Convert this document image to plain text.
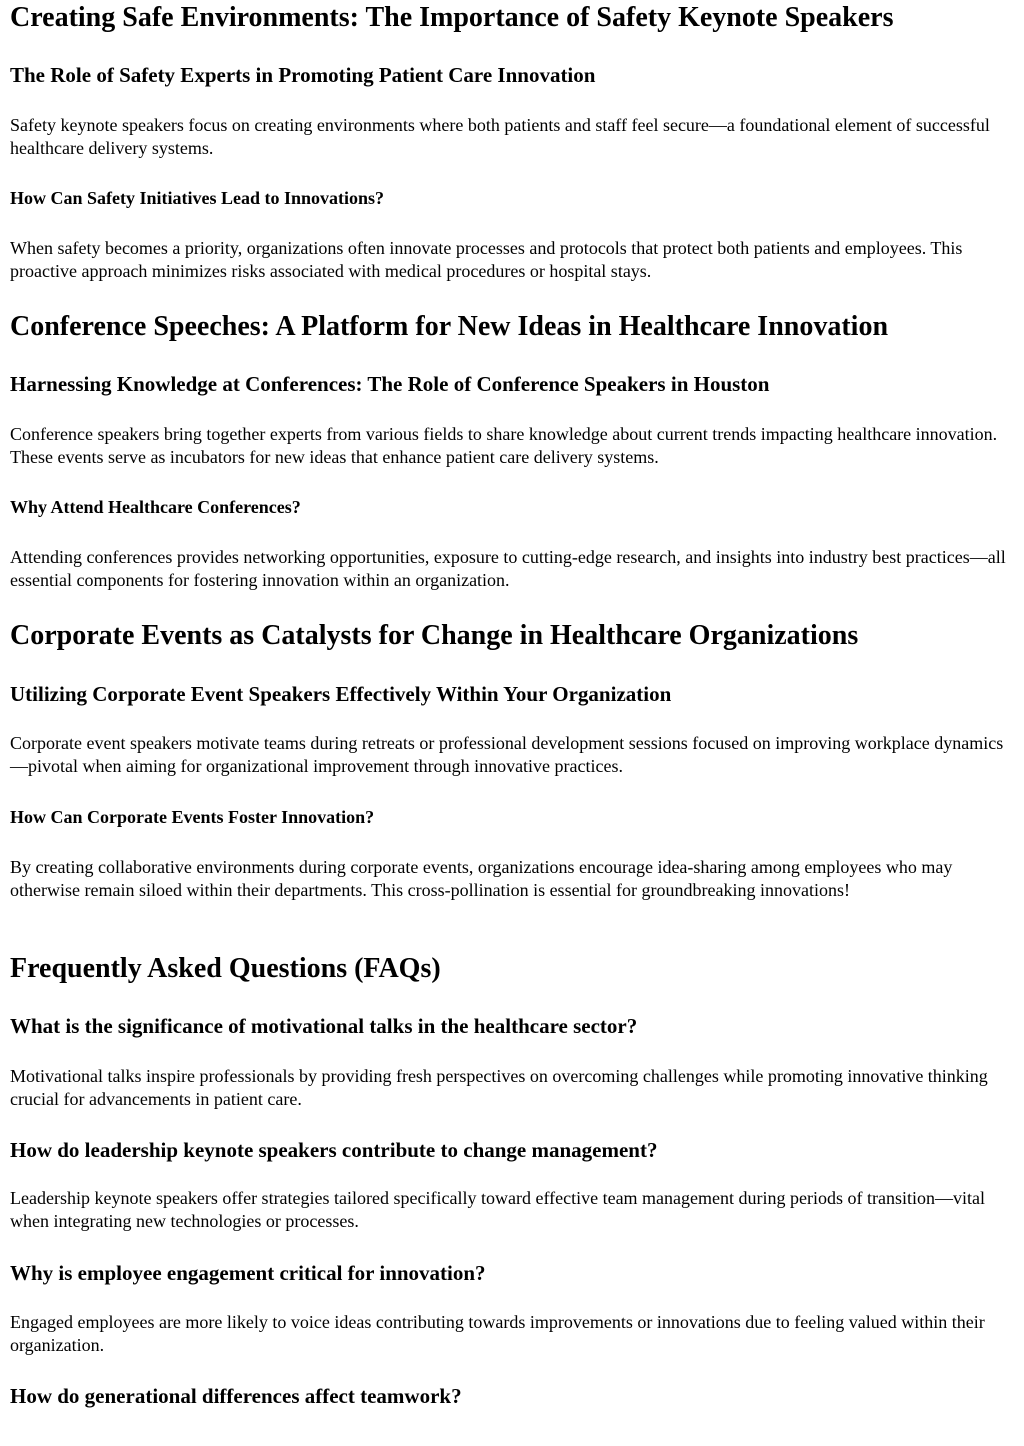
Creating Safe Environments: The Importance of Safety Keynote Speakers
The Role of Safety Experts in Promoting Patient Care Innovation

Safety keynote speakers focus on creating environments where both patients and staff feel secure—a foundational element of successful healthcare delivery systems.

How Can Safety Initiatives Lead to Innovations?

When safety becomes a priority, organizations often innovate processes and protocols that protect both patients and employees. This proactive approach minimizes risks associated with medical procedures or hospital stays.

Conference Speeches: A Platform for New Ideas in Healthcare Innovation
Harnessing Knowledge at Conferences: The Role of Conference Speakers in Houston

Conference speakers bring together experts from various fields to share knowledge about current trends impacting healthcare innovation. These events serve as incubators for new ideas that enhance patient care delivery systems.

Why Attend Healthcare Conferences?

Attending conferences provides networking opportunities, exposure to cutting-edge research, and insights into industry best practices—all essential components for fostering innovation within an organization.

Corporate Events as Catalysts for Change in Healthcare Organizations
Utilizing Corporate Event Speakers Effectively Within Your Organization

Corporate event speakers motivate teams during retreats or professional development sessions focused on improving workplace dynamics—pivotal when aiming for organizational improvement through innovative practices.

How Can Corporate Events Foster Innovation?

By creating collaborative environments during corporate events, organizations encourage idea-sharing among employees who may otherwise remain siloed within their departments. This cross-pollination is essential for groundbreaking innovations!

Frequently Asked Questions (FAQs)
What is the significance of motivational talks in the healthcare sector?

Motivational talks inspire professionals by providing fresh perspectives on overcoming challenges while promoting innovative thinking crucial for advancements in patient care.

How do leadership keynote speakers contribute to change management?

Leadership keynote speakers offer strategies tailored specifically toward effective team management during periods of transition—vital when integrating new technologies or processes.

Why is employee engagement critical for innovation?

Engaged employees are more likely to voice ideas contributing towards improvements or innovations due to feeling valued within their organization.

How do generational differences affect teamwork?
